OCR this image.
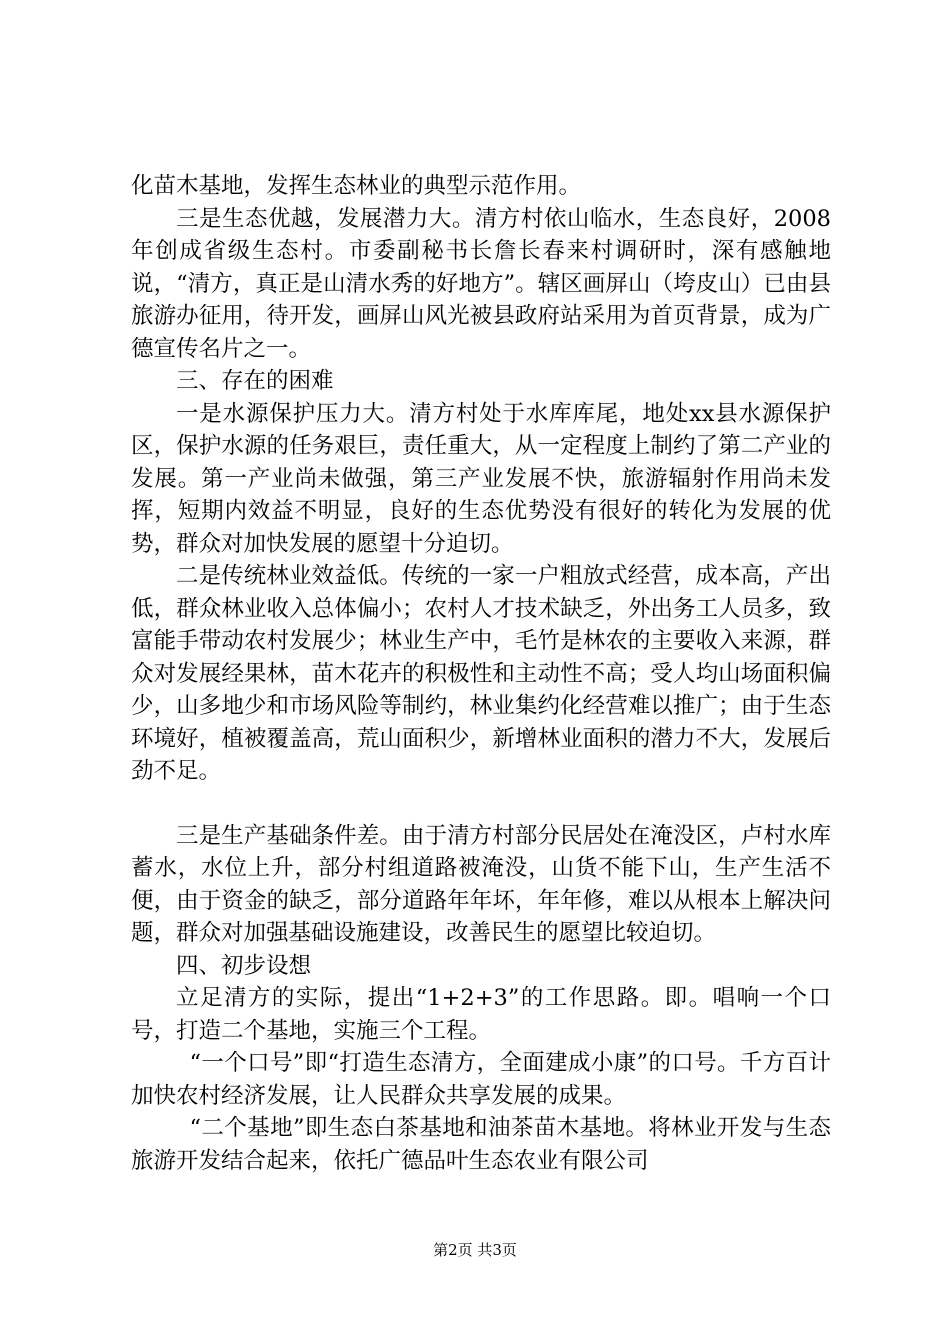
化苗木基地，发挥生态林业的典型示范作用。

三是生态优越，发展潜力大。清方村依山临水，生态良好，2008年创成省级生态村。市委副秘书长詹长春来村调研时，深有感触地说，“清方，真正是山清水秀的好地方”。辖区画屏山（垮皮山）已由县旅游办征用，待开发，画屏山风光被县政府站采用为首页背景，成为广德宣传名片之一。

三、存在的困难

一是水源保护压力大。清方村处于水库库尾，地处xx县水源保护区，保护水源的任务艰巨，责任重大，从一定程度上制约了第二产业的发展。第一产业尚未做强，第三产业发展不快，旅游辐射作用尚未发挥，短期内效益不明显，良好的生态优势没有很好的转化为发展的优势，群众对加快发展的愿望十分迫切。

二是传统林业效益低。传统的一家一户粗放式经营，成本高，产出低，群众林业收入总体偏小；农村人才技术缺乏，外出务工人员多，致富能手带动农村发展少；林业生产中，毛竹是林农的主要收入来源，群众对发展经果林，苗木花卉的积极性和主动性不高；受人均山场面积偏少，山多地少和市场风险等制约，林业集约化经营难以推广；由于生态环境好，植被覆盖高，荒山面积少，新增林业面积的潜力不大，发展后劲不足。

三是生产基础条件差。由于清方村部分民居处在淹没区，卢村水库蓄水，水位上升，部分村组道路被淹没，山货不能下山，生产生活不便，由于资金的缺乏，部分道路年年坏，年年修，难以从根本上解决问题，群众对加强基础设施建设，改善民生的愿望比较迫切。

四、初步设想

立足清方的实际，提出“1+2+3”的工作思路。即。唱响一个口号，打造二个基地，实施三个工程。

“一个口号”即“打造生态清方，全面建成小康”的口号。千方百计加快农村经济发展，让人民群众共享发展的成果。

“二个基地”即生态白茶基地和油茶苗木基地。将林业开发与生态旅游开发结合起来，依托广德品叶生态农业有限公司

第2页 共3页
